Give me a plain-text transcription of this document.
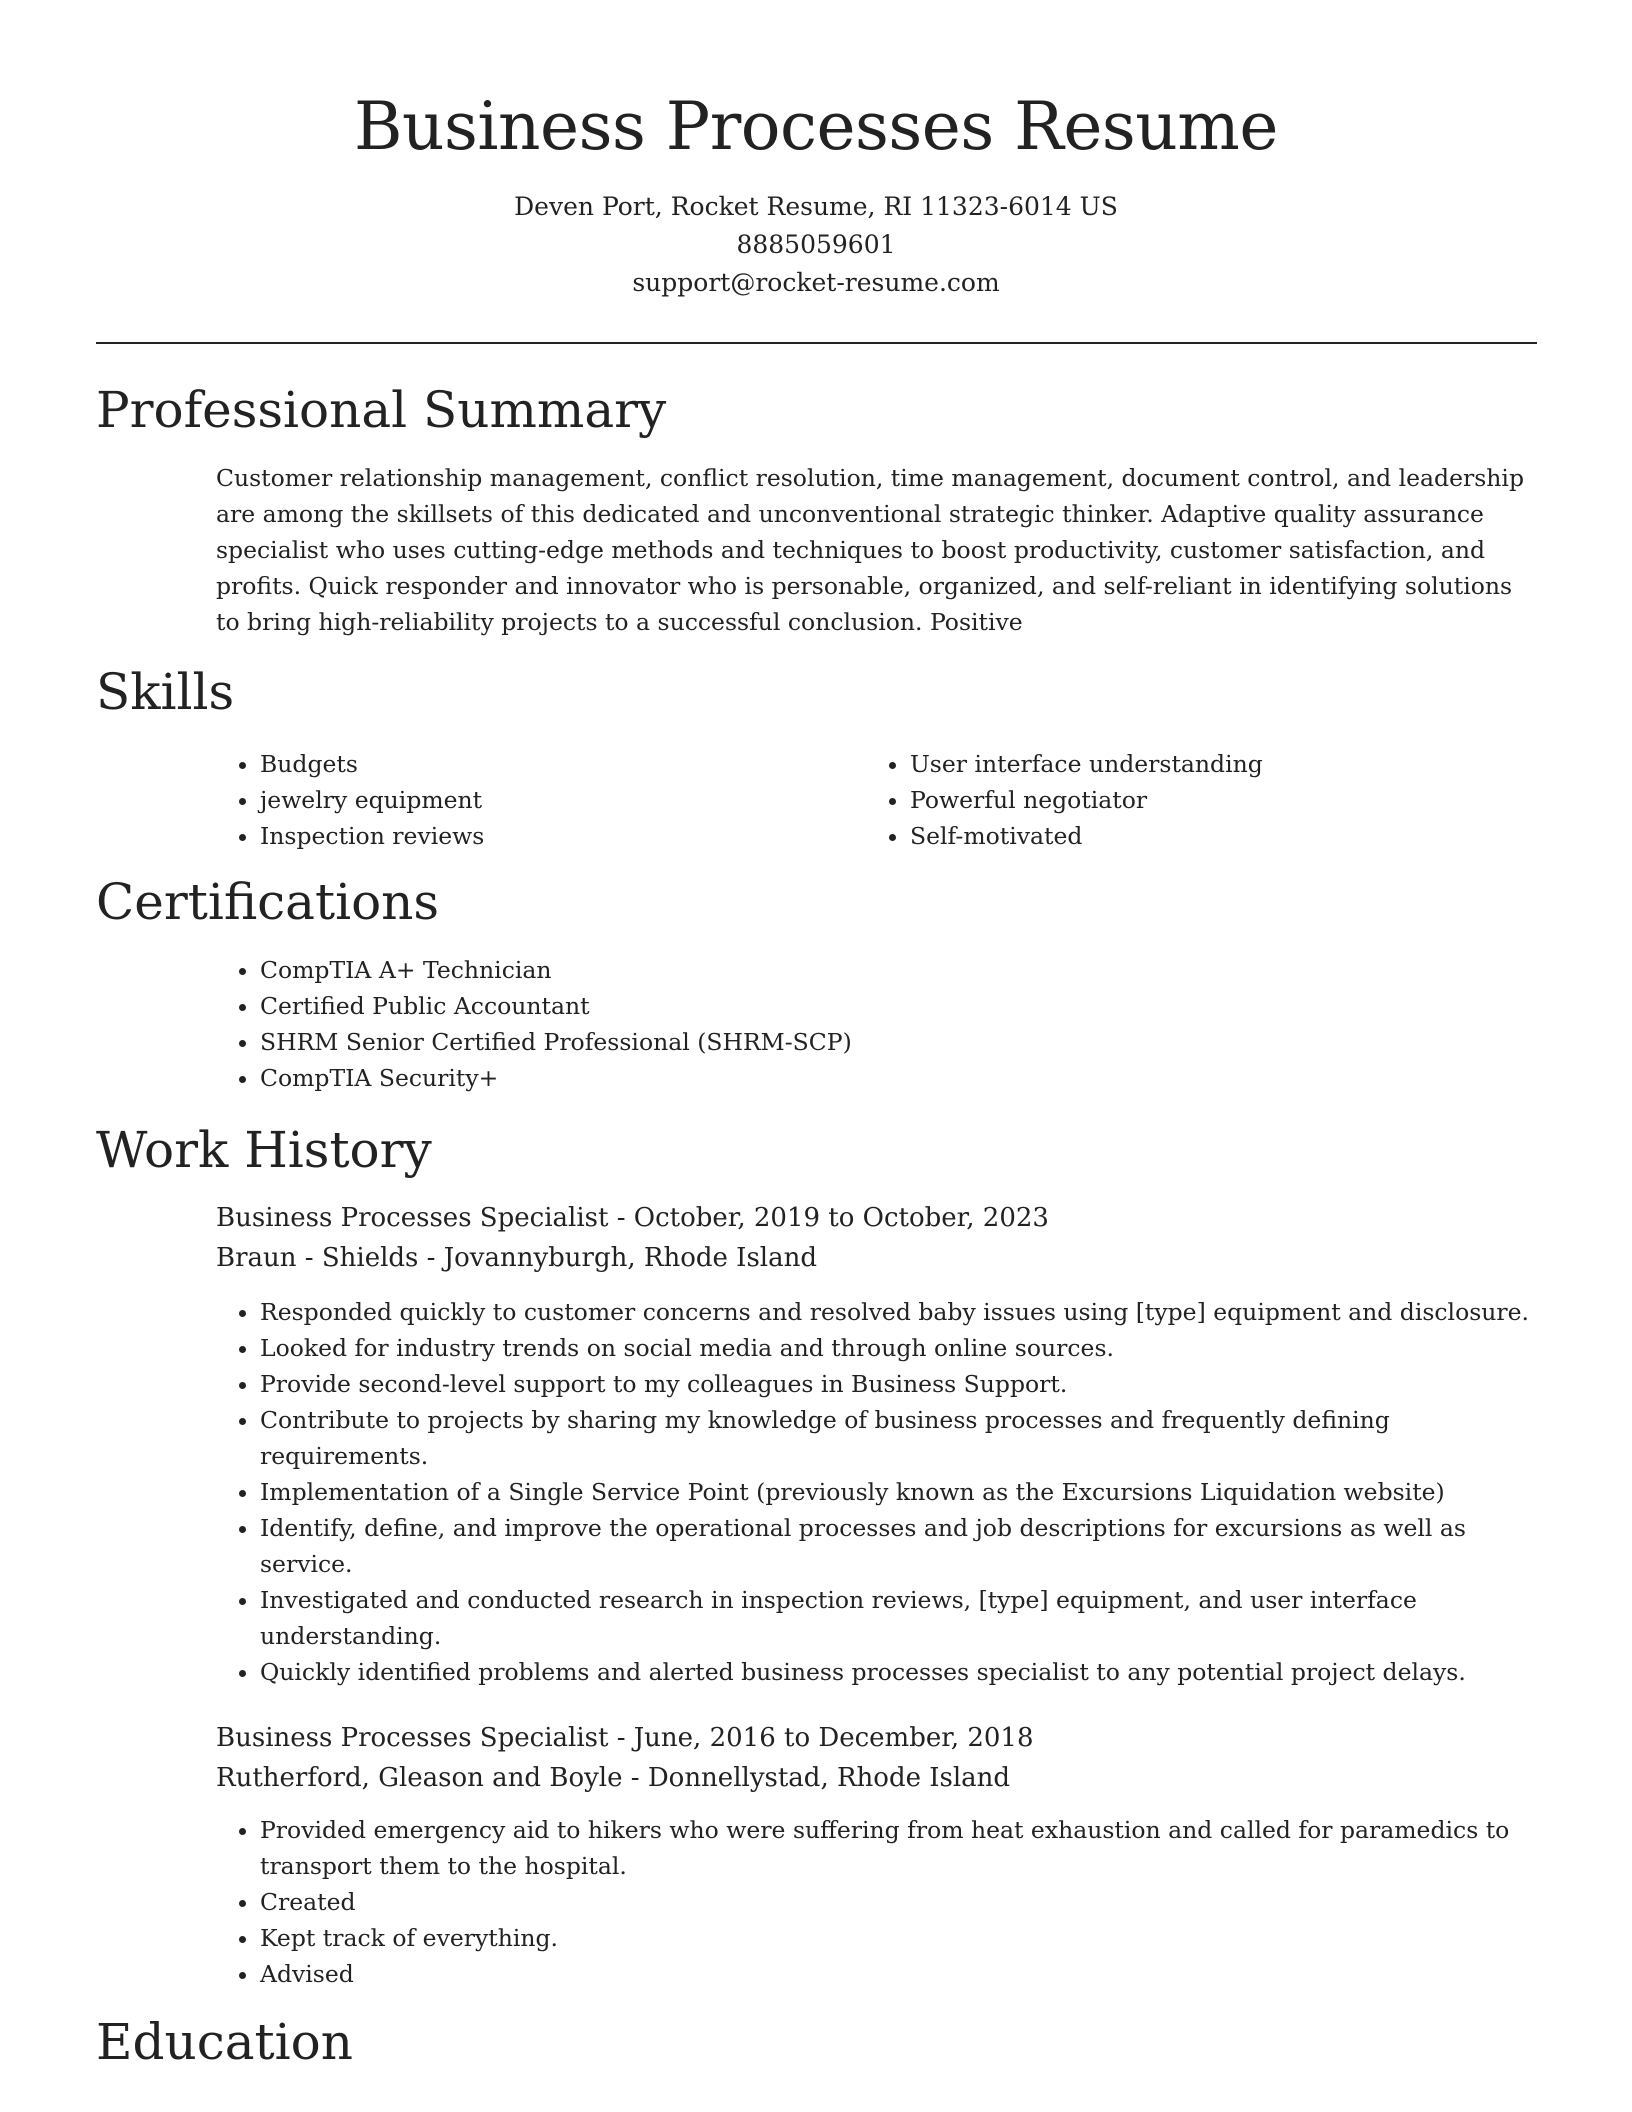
Business Processes Resume
Deven Port, Rocket Resume, RI 11323-6014 US
8885059601
support@rocket-resume.com
Professional Summary
Customer relationship management, conflict resolution, time management, document control, and leadership are among the skillsets of this dedicated and unconventional strategic thinker. Adaptive quality assurance specialist who uses cutting-edge methods and techniques to boost productivity, customer satisfaction, and profits. Quick responder and innovator who is personable, organized, and self-reliant in identifying solutions to bring high-reliability projects to a successful conclusion. Positive
Skills
• Budgets
• jewelry equipment
• Inspection reviews
• User interface understanding
• Powerful negotiator
• Self-motivated
Certifications
• CompTIA A+ Technician
• Certified Public Accountant
• SHRM Senior Certified Professional (SHRM-SCP)
• CompTIA Security+
Work History
Business Processes Specialist - October, 2019 to October, 2023
Braun - Shields - Jovannyburgh, Rhode Island
• Responded quickly to customer concerns and resolved baby issues using [type] equipment and disclosure.
• Looked for industry trends on social media and through online sources.
• Provide second-level support to my colleagues in Business Support.
• Contribute to projects by sharing my knowledge of business processes and frequently defining requirements.
• Implementation of a Single Service Point (previously known as the Excursions Liquidation website)
• Identify, define, and improve the operational processes and job descriptions for excursions as well as service.
• Investigated and conducted research in inspection reviews, [type] equipment, and user interface understanding.
• Quickly identified problems and alerted business processes specialist to any potential project delays.
Business Processes Specialist - June, 2016 to December, 2018
Rutherford, Gleason and Boyle - Donnellystad, Rhode Island
• Provided emergency aid to hikers who were suffering from heat exhaustion and called for paramedics to transport them to the hospital.
• Created
• Kept track of everything.
• Advised
Education
